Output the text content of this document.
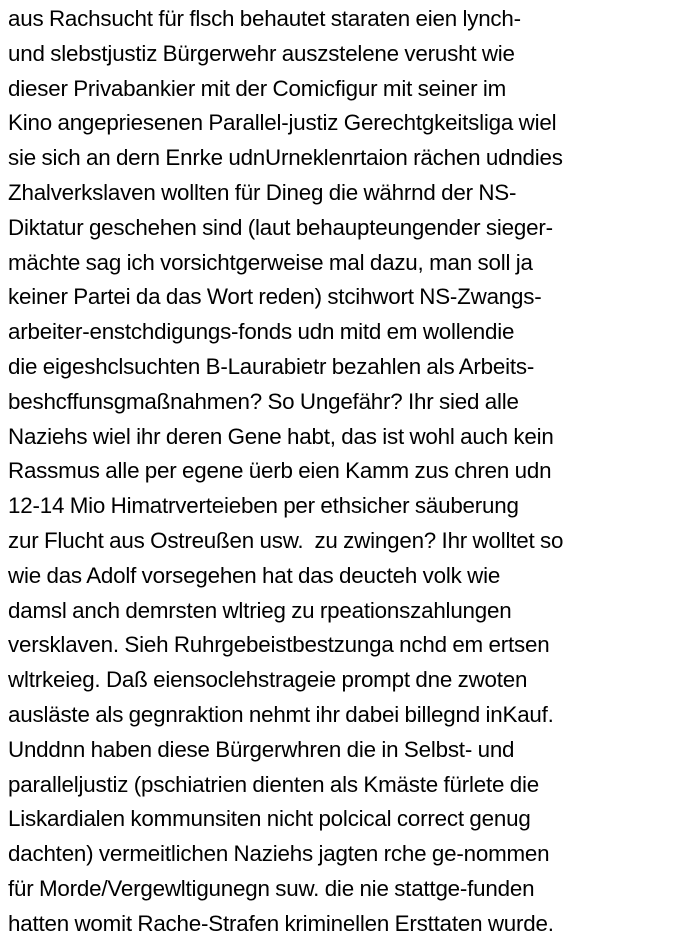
aus Rachsucht für flsch behautet staraten eien lynch-
und slebstjustiz Bürgerwehr auszstelene verusht wie
dieser Privabankier mit der Comicfigur mit seiner im
Kino angepriesenen Parallel-justiz Gerechtgkeitsliga wiel
sie sich an dern Enrke udnUrneklenrtaion rächen udndies
Zhalverkslaven wollten für Dineg die währnd der NS-
Diktatur geschehen sind (laut behaupteungender sieger-
mächte sag ich vorsichtgerweise mal dazu, man soll ja
keiner Partei da das Wort reden) stcihwort NS-Zwangs-
arbeiter-enstchdigungs-fonds udn mitd em wollendie
die eigeshclsuchten B-Laurabietr bezahlen als Arbeits-
beshcffunsgmaßnahmen? So Ungefähr? Ihr sied alle
Naziehs wiel ihr deren Gene habt, das ist wohl auch kein
Rassmus alle per egene üerb eien Kamm zus chren udn
12-14 Mio Himatrverteieben per ethsicher säuberung
zur Flucht aus Ostreußen usw.  zu zwingen? Ihr wolltet so
wie das Adolf vorsegehen hat das deucteh volk wie
damsl anch demrsten wltrieg zu rpeationszahlungen
versklaven. Sieh Ruhrgebeistbestzunga nchd em ertsen
wltrkeieg. Daß eiensoclehstrageie prompt dne zwoten
ausläste als gegnraktion nehmt ihr dabei billegnd inKauf.
Unddnn haben diese Bürgerwhren die in Selbst- und
paralleljustiz (pschiatrien dienten als Kmäste fürlete die
Liskardialen kommunsiten nicht polcical correct genug
dachten) vermeitlichen Naziehs jagten rche ge-nommen
für Morde/Vergewltigunegn suw. die nie stattge-funden
hatten womit Rache-Strafen kriminellen Ersttaten wurde.
